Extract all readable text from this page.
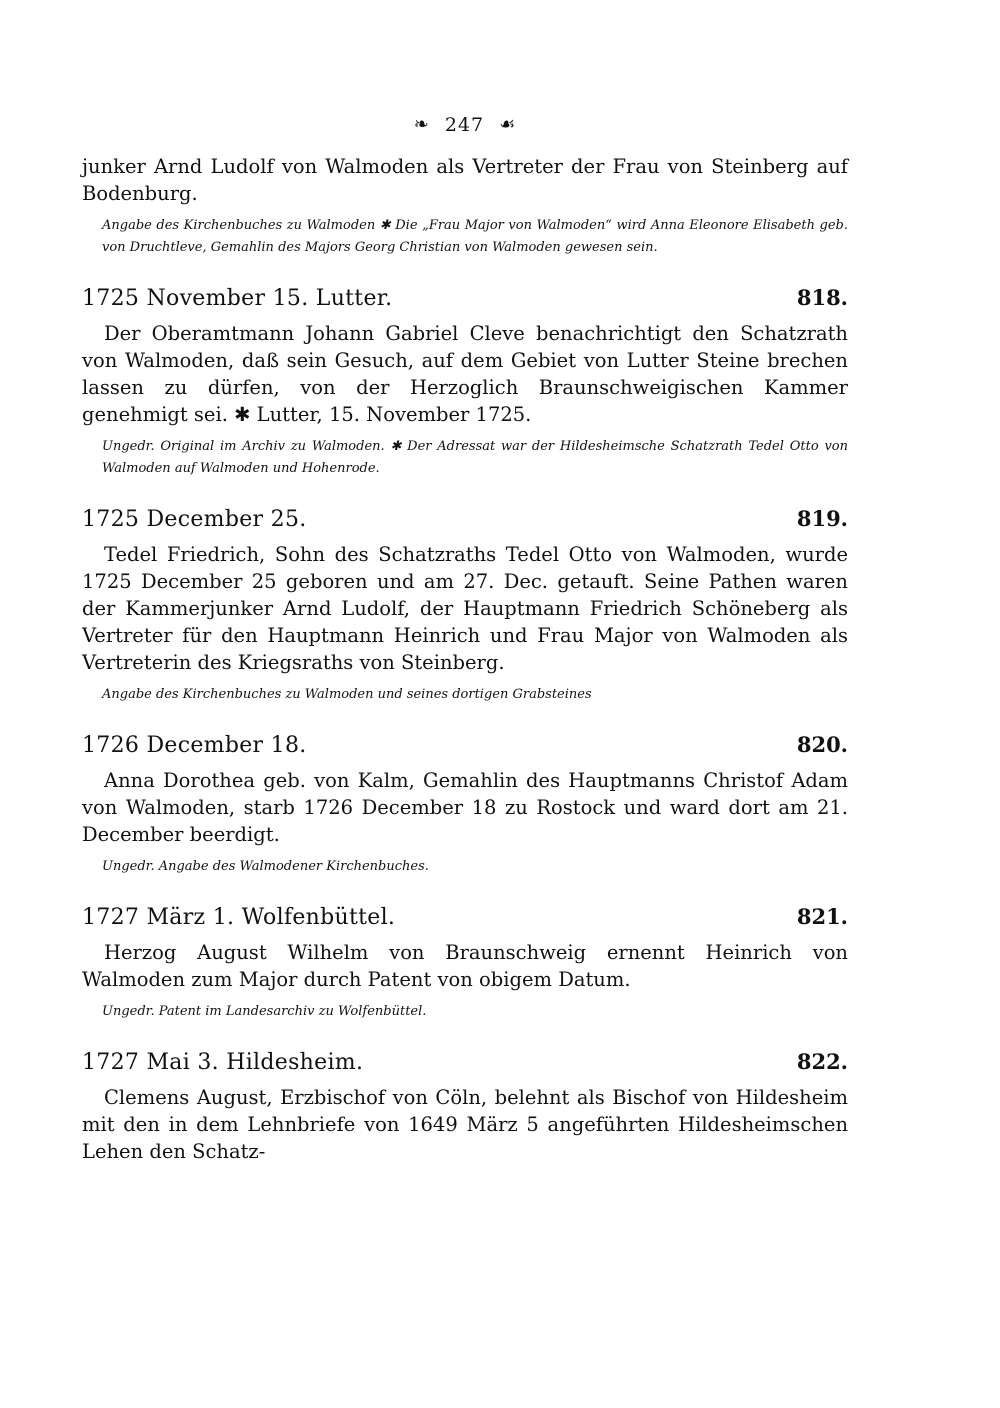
❧ 247 ☙

junker Arnd Ludolf von Walmoden als Vertreter der Frau von Steinberg auf Bodenburg.

Angabe des Kirchenbuches zu Walmoden ✱ Die „Frau Major von Walmoden“ wird Anna Eleonore Elisabeth geb. von Druchtleve, Gemahlin des Majors Georg Christian von Walmoden gewesen sein.

1725 November 15. Lutter.	818.

Der Oberamtmann Johann Gabriel Cleve benachrichtigt den Schatzrath von Walmoden, daß sein Gesuch, auf dem Gebiet von Lutter Steine brechen lassen zu dürfen, von der Herzoglich Braunschweigischen Kammer genehmigt sei. ✱ Lutter, 15. November 1725.

Ungedr. Original im Archiv zu Walmoden. ✱ Der Adressat war der Hildesheimsche Schatzrath Tedel Otto von Walmoden auf Walmoden und Hohenrode.

1725 December 25.	819.

Tedel Friedrich, Sohn des Schatzraths Tedel Otto von Walmoden, wurde 1725 December 25 geboren und am 27. Dec. getauft. Seine Pathen waren der Kammerjunker Arnd Ludolf, der Hauptmann Friedrich Schöneberg als Vertreter für den Hauptmann Heinrich und Frau Major von Walmoden als Vertreterin des Kriegsraths von Steinberg.

Angabe des Kirchenbuches zu Walmoden und seines dortigen Grabsteines

1726 December 18.	820.

Anna Dorothea geb. von Kalm, Gemahlin des Hauptmanns Christof Adam von Walmoden, starb 1726 December 18 zu Rostock und ward dort am 21. December beerdigt.

Ungedr. Angabe des Walmodener Kirchenbuches.

1727 März 1. Wolfenbüttel.	821.

Herzog August Wilhelm von Braunschweig ernennt Heinrich von Walmoden zum Major durch Patent von obigem Datum.

Ungedr. Patent im Landesarchiv zu Wolfenbüttel.

1727 Mai 3. Hildesheim.	822.

Clemens August, Erzbischof von Cöln, belehnt als Bischof von Hildesheim mit den in dem Lehnbriefe von 1649 März 5 angeführten Hildesheimschen Lehen den Schatz-
